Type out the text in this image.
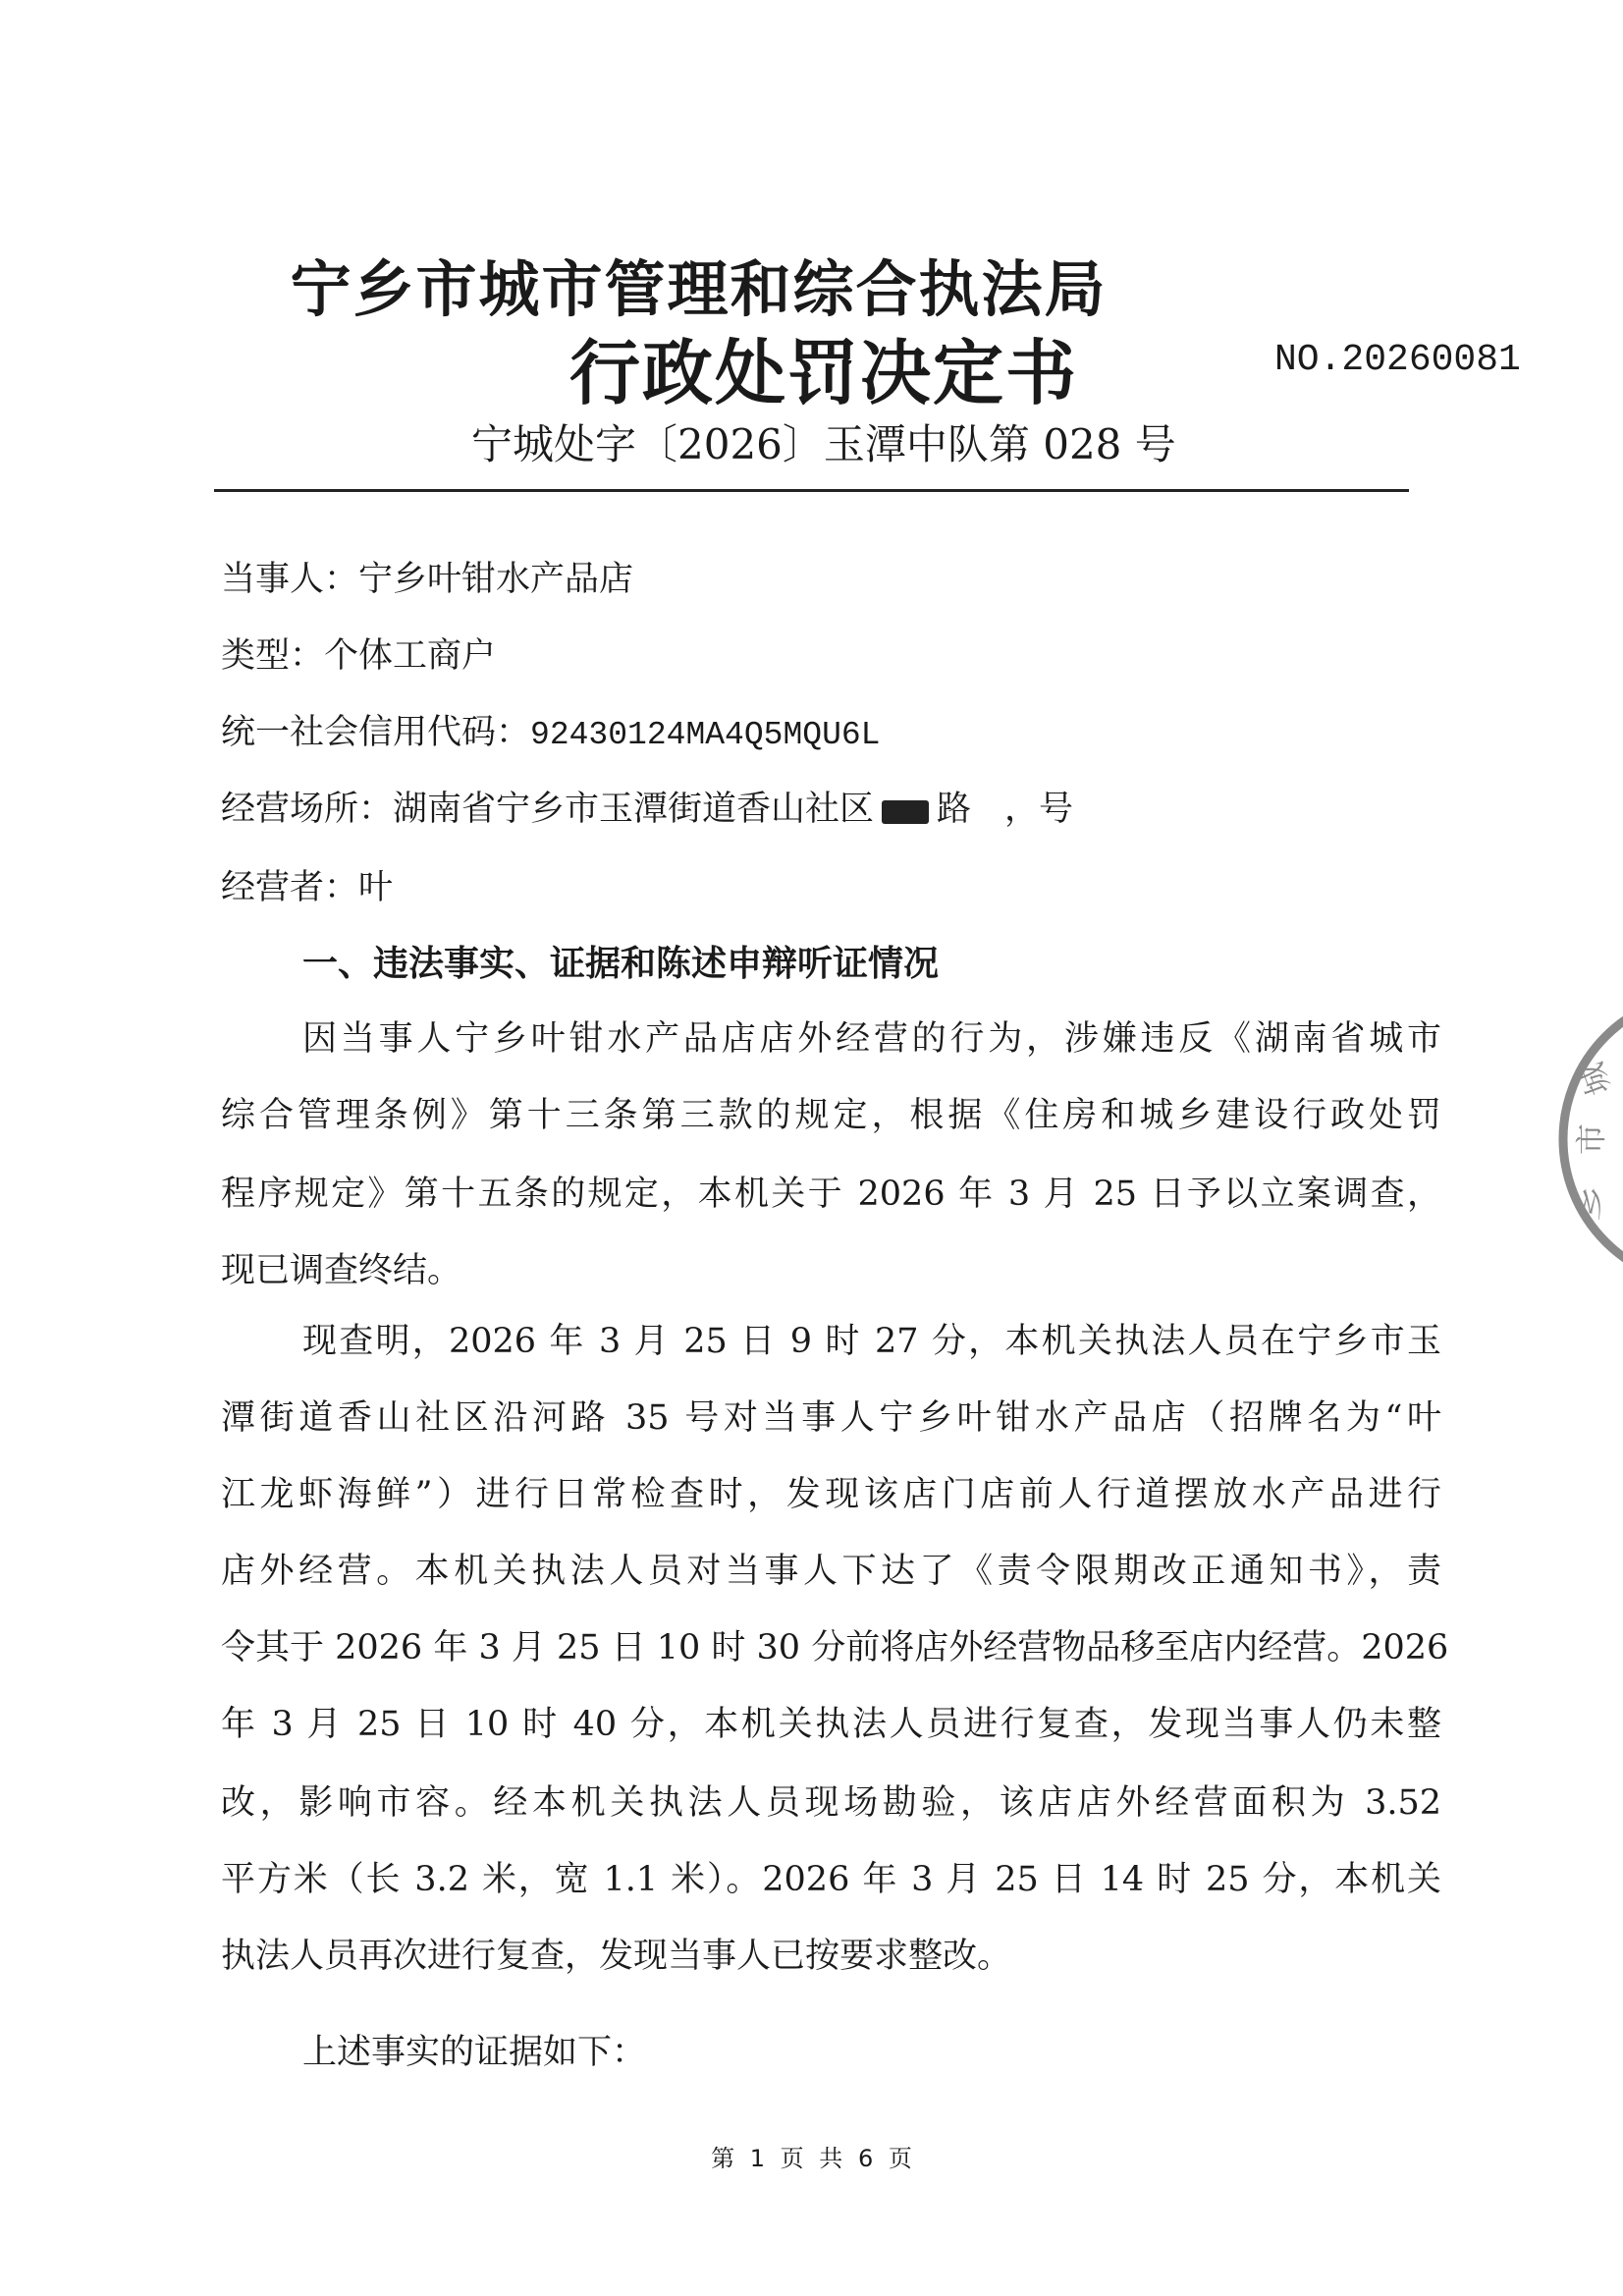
宁乡市城市管理和综合执法局
行政处罚决定书	NO.20260081
宁城处字〔2026〕玉潭中队第 028 号
当事人：宁乡叶钳水产品店
类型：个体工商户
统一社会信用代码：92430124MA4Q5MQU6L
经营场所：湖南省宁乡市玉潭街道香山社区 路 ，号
经营者：叶
一、违法事实、证据和陈述申辩听证情况
因当事人宁乡叶钳水产品店店外经营的行为，涉嫌违反《湖南省城市
综合管理条例》第十三条第三款的规定，根据《住房和城乡建设行政处罚
程序规定》第十五条的规定，本机关于 2026 年 3 月 25 日予以立案调查，
现已调查终结。
现查明，2026 年 3 月 25 日 9 时 27 分，本机关执法人员在宁乡市玉
潭街道香山社区沿河路 35 号对当事人宁乡叶钳水产品店（招牌名为“叶
江龙虾海鲜”）进行日常检查时，发现该店门店前人行道摆放水产品进行
店外经营。本机关执法人员对当事人下达了《责令限期改正通知书》，责
令其于 2026 年 3 月 25 日 10 时 30 分前将店外经营物品移至店内经营。2026
年 3 月 25 日 10 时 40 分，本机关执法人员进行复查，发现当事人仍未整
改，影响市容。经本机关执法人员现场勘验，该店店外经营面积为 3.52
平方米（长 3.2 米，宽 1.1 米）。2026 年 3 月 25 日 14 时 25 分，本机关
执法人员再次进行复查，发现当事人已按要求整改。
上述事实的证据如下：
第 1 页 共 6 页
乡
市
城
